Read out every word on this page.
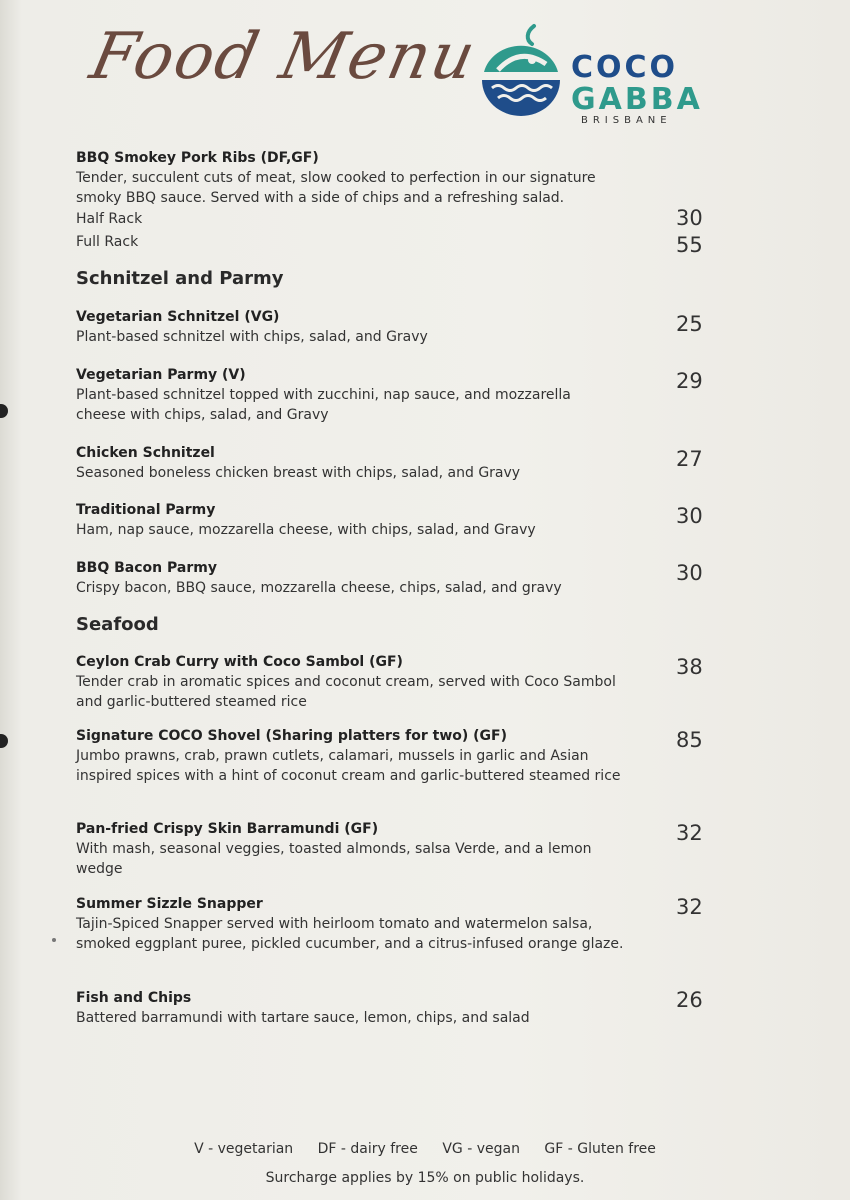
Food Menu	COCO
GABBA
BRISBANE
BBQ Smokey Pork Ribs (DF,GF)
Tender, succulent cuts of meat, slow cooked to perfection in our signature
smoky BBQ sauce. Served with a side of chips and a refreshing salad.
Half Rack	30
Full Rack	55
Schnitzel and Parmy
Vegetarian Schnitzel (VG)
Plant-based schnitzel with chips, salad, and Gravy
25
Vegetarian Parmy (V)
Plant-based schnitzel topped with zucchini, nap sauce, and mozzarella
cheese with chips, salad, and Gravy
29
Chicken Schnitzel
Seasoned boneless chicken breast with chips, salad, and Gravy
27
Traditional Parmy
Ham, nap sauce, mozzarella cheese, with chips, salad, and Gravy
30
BBQ Bacon Parmy
Crispy bacon, BBQ sauce, mozzarella cheese, chips, salad, and gravy
30
Seafood
Ceylon Crab Curry with Coco Sambol (GF)
Tender crab in aromatic spices and coconut cream, served with Coco Sambol
and garlic-buttered steamed rice
38
Signature COCO Shovel (Sharing platters for two) (GF)
Jumbo prawns, crab, prawn cutlets, calamari, mussels in garlic and Asian
inspired spices with a hint of coconut cream and garlic-buttered steamed rice
85
Pan-fried Crispy Skin Barramundi (GF)
With mash, seasonal veggies, toasted almonds, salsa Verde, and a lemon
wedge
32
Summer Sizzle Snapper
Tajin-Spiced Snapper served with heirloom tomato and watermelon salsa,
smoked eggplant puree, pickled cucumber, and a citrus-infused orange glaze.
32
Fish and Chips
Battered barramundi with tartare sauce, lemon, chips, and salad
26
V - vegetarian DF - dairy free VG - vegan GF - Gluten free
Surcharge applies by 15% on public holidays.
